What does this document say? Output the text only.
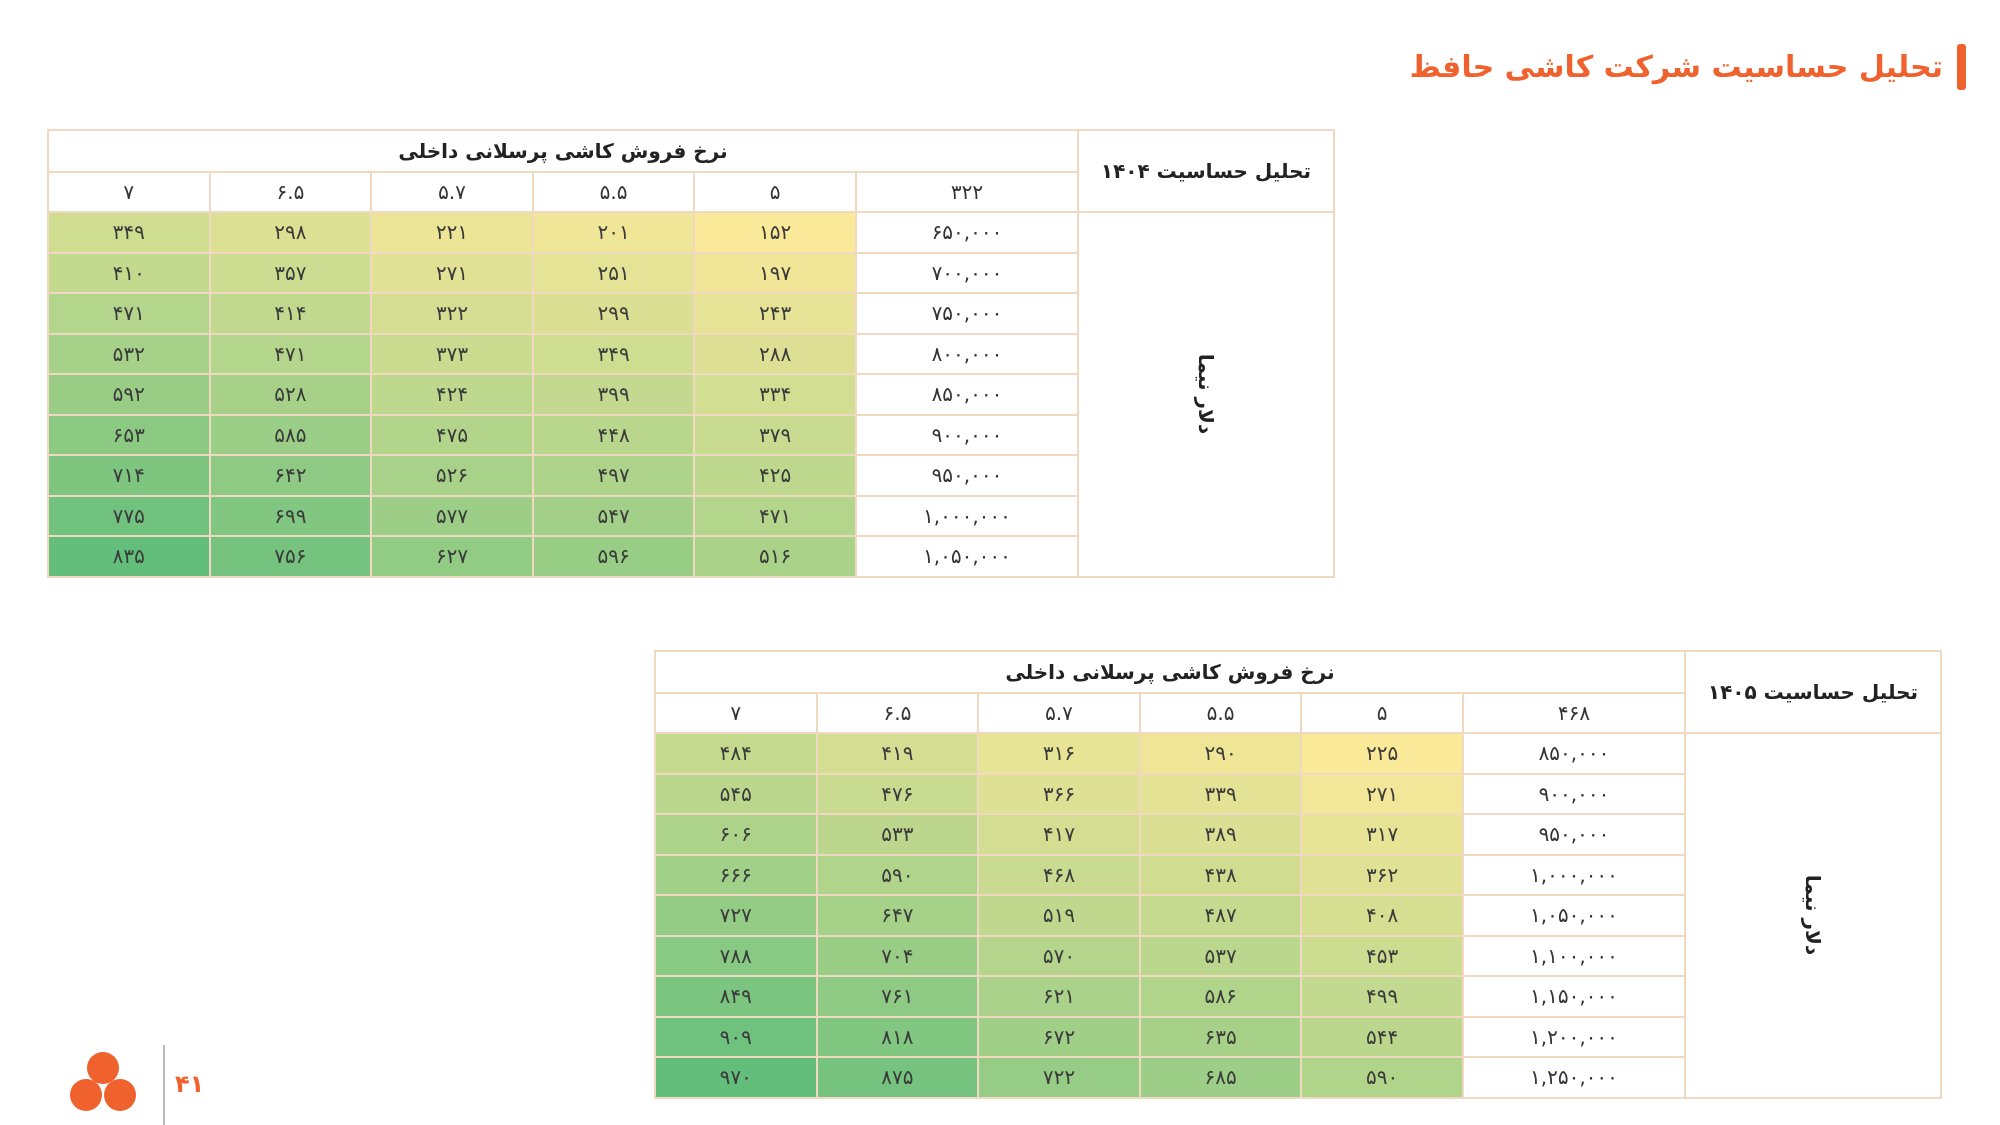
تحلیل حساسیت شرکت کاشی حافظ
تحلیل حساسیت ۱۴۰۴	نرخ فروش کاشی پرسلانی داخلی					
	۳۲۲	۵	۵.۵	۵.۷	۶.۵	۷
دلار نیما	۶۵۰,۰۰۰	۱۵۲	۲۰۱	۲۲۱	۲۹۸	۳۴۹
	۷۰۰,۰۰۰	۱۹۷	۲۵۱	۲۷۱	۳۵۷	۴۱۰
	۷۵۰,۰۰۰	۲۴۳	۲۹۹	۳۲۲	۴۱۴	۴۷۱
	۸۰۰,۰۰۰	۲۸۸	۳۴۹	۳۷۳	۴۷۱	۵۳۲
	۸۵۰,۰۰۰	۳۳۴	۳۹۹	۴۲۴	۵۲۸	۵۹۲
	۹۰۰,۰۰۰	۳۷۹	۴۴۸	۴۷۵	۵۸۵	۶۵۳
	۹۵۰,۰۰۰	۴۲۵	۴۹۷	۵۲۶	۶۴۲	۷۱۴
	۱,۰۰۰,۰۰۰	۴۷۱	۵۴۷	۵۷۷	۶۹۹	۷۷۵
	۱,۰۵۰,۰۰۰	۵۱۶	۵۹۶	۶۲۷	۷۵۶	۸۳۵
تحلیل حساسیت ۱۴۰۵	نرخ فروش کاشی پرسلانی داخلی					
	۴۶۸	۵	۵.۵	۵.۷	۶.۵	۷
دلار نیما	۸۵۰,۰۰۰	۲۲۵	۲۹۰	۳۱۶	۴۱۹	۴۸۴
	۹۰۰,۰۰۰	۲۷۱	۳۳۹	۳۶۶	۴۷۶	۵۴۵
	۹۵۰,۰۰۰	۳۱۷	۳۸۹	۴۱۷	۵۳۳	۶۰۶
	۱,۰۰۰,۰۰۰	۳۶۲	۴۳۸	۴۶۸	۵۹۰	۶۶۶
	۱,۰۵۰,۰۰۰	۴۰۸	۴۸۷	۵۱۹	۶۴۷	۷۲۷
	۱,۱۰۰,۰۰۰	۴۵۳	۵۳۷	۵۷۰	۷۰۴	۷۸۸
	۱,۱۵۰,۰۰۰	۴۹۹	۵۸۶	۶۲۱	۷۶۱	۸۴۹
	۱,۲۰۰,۰۰۰	۵۴۴	۶۳۵	۶۷۲	۸۱۸	۹۰۹
	۱,۲۵۰,۰۰۰	۵۹۰	۶۸۵	۷۲۲	۸۷۵	۹۷۰
۴۱
